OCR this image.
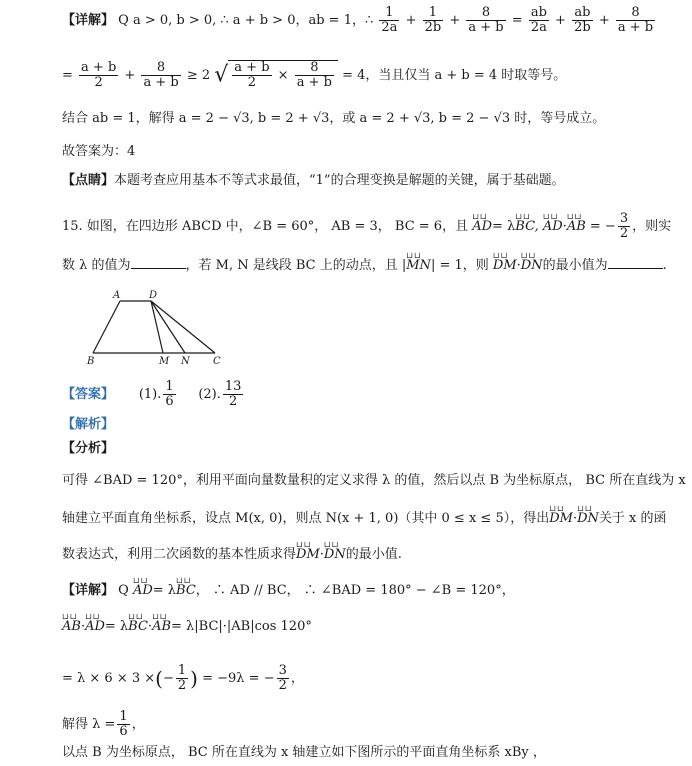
【详解】 Q a > 0, b > 0, ∴ a + b > 0，ab = 1，∴ $\frac{1}{2a} + \frac{1}{2b} + \frac{8}{a + b} = \frac{ab}{2a} + \frac{ab}{2b} + \frac{8}{a + b}$
= $\frac{a + b}{2} + \frac{8}{a + b} \ge 2$ √ $\frac{a + b}{2} \times \frac{8}{a + b} = 4$，当且仅当 a + b = 4 时取等号。
结合 ab = 1，解得 a = 2 − √3, b = 2 + √3，或 a = 2 + √3, b = 2 − √3 时，等号成立。
故答案为：4
【点睛】本题考查应用基本不等式求最值，“1”的合理变换是解题的关键，属于基础题。
15. 如图，在四边形 ABCD 中，∠B = 60°， AB = 3， BC = 6，且 ⊔⊔ AD= λ⊔⊔ BC, ⊔⊔ AD·⊔⊔ AB = − $\frac{3}{2}$ ，则实
数 λ 的值为	，若 M, N 是线段 BC 上的动点，且 |⊔⊔ MN| = 1，则 ⊔⊔ DM·⊔⊔ DN的最小值为	.
A	D
B	M N C
【答案】 (1). $\frac{1}{6} (2)$. $\frac{13}{2}$
【解析】
【分析】
可得 ∠BAD = 120°，利用平面向量数量积的定义求得 λ 的值，然后以点 B 为坐标原点， BC 所在直线为 x
轴建立平面直角坐标系，设点 M(x, 0)，则点 N(x + 1, 0)（其中 0 ≤ x ≤ 5），得出⊔⊔ DM·⊔⊔ DN关于 x 的函
数表达式，利用二次函数的基本性质求得⊔⊔ DM·⊔⊔ DN的最小值.
【详解】 Q ⊔⊔ AD= λ⊔⊔ BC， ∴ AD // BC， ∴ ∠BAD = 180° − ∠B = 120°，
⊔⊔ AB·⊔⊔ AD= λ⊔⊔ BC·⊔⊔ AB= λ|BC|·|AB|cos 120°
= λ × 6 × 3 ×(− $\frac{1}{2}$ ) = −9λ = − $\frac{3}{2}$ ，
解得 $\lambda = \frac{1}{6}$ ，
以点 B 为坐标原点， BC 所在直线为 x 轴建立如下图所示的平面直角坐标系 xBy ，
